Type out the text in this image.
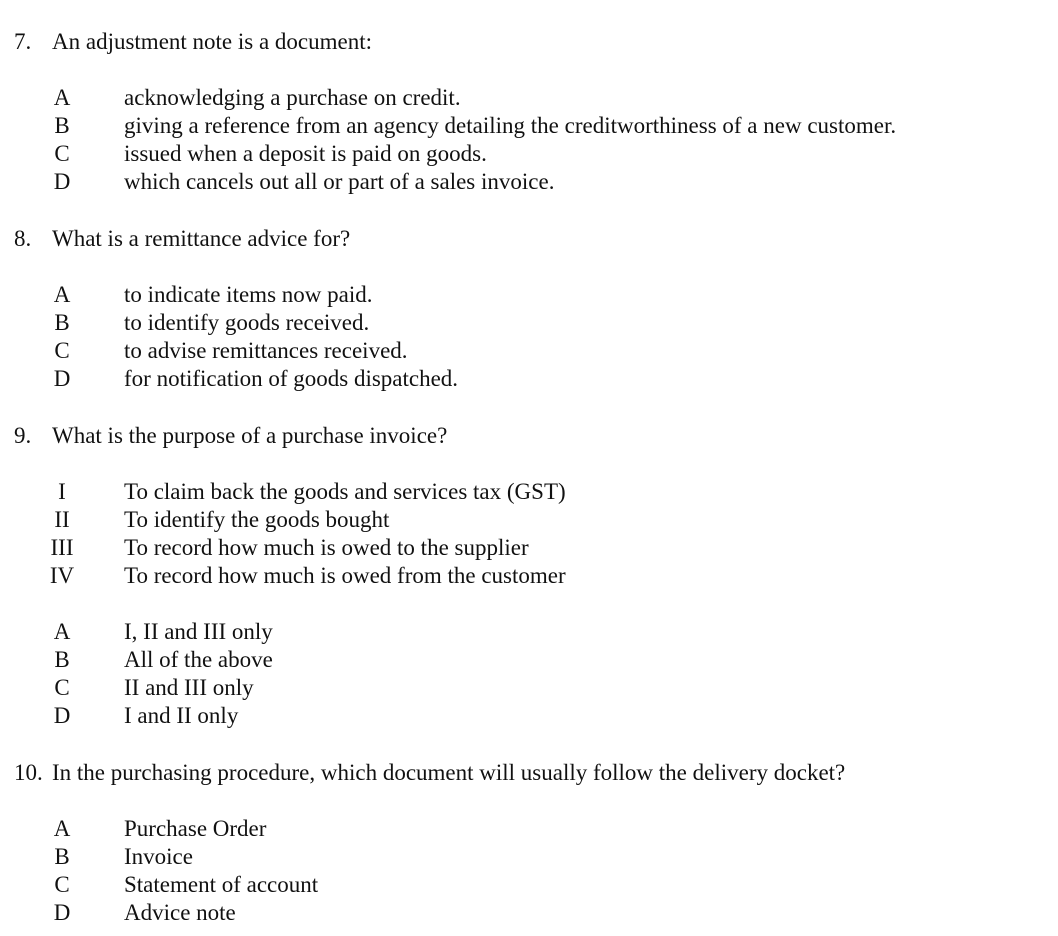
7. An adjustment note is a document:
A acknowledging a purchase on credit.
B	giving a reference from an agency detailing the creditworthiness of a new customer.
C	issued when a deposit is paid on goods.
D which cancels out all or part of a sales invoice.
8. What is a remittance advice for?
A to indicate items now paid.
B	to identify goods received.
C	to advise remittances received.
D for notification of goods dispatched.
9. What is the purpose of a purchase invoice?
I	To claim back the goods and services tax (GST)
II	To identify the goods bought
III To record how much is owed to the supplier
IV To record how much is owed from the customer
A I, II and III only
B	All of the above
C	II and III only
D I and II only
10. In the purchasing procedure, which document will usually follow the delivery docket?
A Purchase Order
B	Invoice
C	Statement of account
D Advice note
